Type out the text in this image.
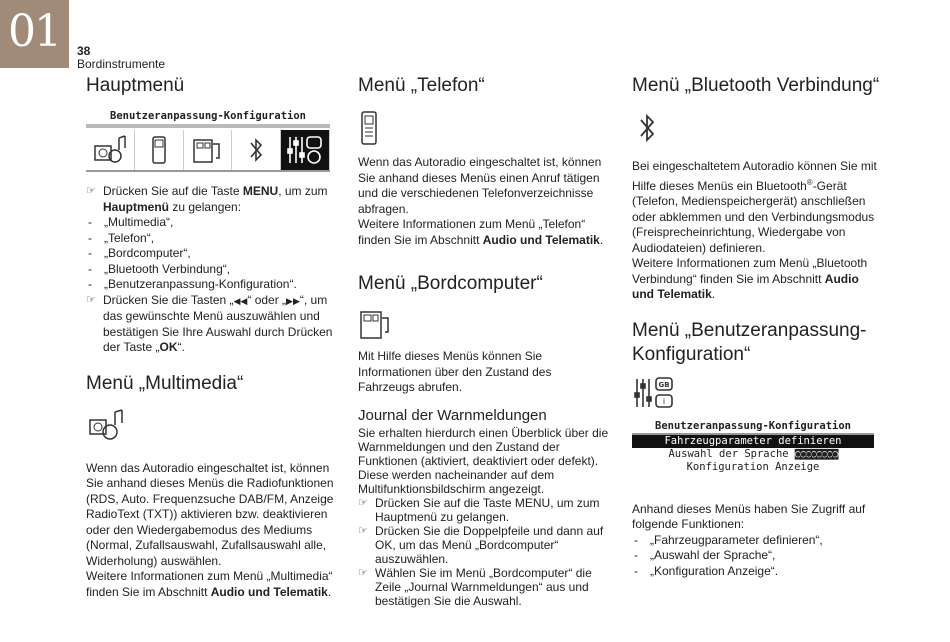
01 38
Bordinstrumente
Hauptmenü
Benutzeranpassung-Konfiguration
☞ Drücken Sie auf die Taste MENU, um zum Hauptmenü zu gelangen:
- „Multimedia“,
- „Telefon“,
- „Bordcomputer“,
- „Bluetooth Verbindung“,
- „Benutzeranpassung-Konfiguration“.
☞ Drücken Sie die Tasten „◀◀“ oder „▶▶“, um das gewünschte Menü auszuwählen und bestätigen Sie Ihre Auswahl durch Drücken der Taste „OK“.
Menü „Multimedia“

Wenn das Autoradio eingeschaltet ist, können Sie anhand dieses Menüs die Radiofunktionen (RDS, Auto. Frequenzsuche DAB/FM, Anzeige RadioText (TXT)) aktivieren bzw. deaktivieren oder den Wiedergabemodus des Mediums (Normal, Zufallsauswahl, Zufallsauswahl alle, Widerholung) auswählen.

Weitere Informationen zum Menü „Multimedia“ finden Sie im Abschnitt Audio und Telematik.

Menü „Telefon“

Wenn das Autoradio eingeschaltet ist, können Sie anhand dieses Menüs einen Anruf tätigen und die verschiedenen Telefonverzeichnisse abfragen.

Weitere Informationen zum Menü „Telefon“ finden Sie im Abschnitt Audio und Telematik.

Menü „Bordcomputer“

Mit Hilfe dieses Menüs können Sie Informationen über den Zustand des Fahrzeugs abrufen.

Journal der Warnmeldungen

Sie erhalten hierdurch einen Überblick über die Warnmeldungen und den Zustand der Funktionen (aktiviert, deaktiviert oder defekt). Diese werden nacheinander auf dem Multifunktionsbildschirm angezeigt.

☞ Drücken Sie auf die Taste MENU, um zum Hauptmenü zu gelangen.
☞ Drücken Sie die Doppelpfeile und dann auf OK, um das Menü „Bordcomputer“ auszuwählen.
☞ Wählen Sie im Menü „Bordcomputer“ die Zeile „Journal Warnmeldungen“ aus und bestätigen Sie die Auswahl.
Menü „Bluetooth Verbindung“

Bei eingeschaltetem Autoradio können Sie mit Hilfe dieses Menüs ein Bluetooth®-Gerät (Telefon, Medienspeichergerät) anschließen oder abklemmen und den Verbindungsmodus (Freisprecheinrichtung, Wiedergabe von Audiodateien) definieren.

Weitere Informationen zum Menü „Bluetooth Verbindung“ finden Sie im Abschnitt Audio und Telematik.

Menü „Benutzeranpassung-Konfiguration“
GB
i
Benutzeranpassung-Konfiguration
Fahrzeugparameter definieren
Auswahl der Sprache ◙◙◙◙◙◙◙◙
Konfiguration Anzeige

Anhand dieses Menüs haben Sie Zugriff auf folgende Funktionen:

- „Fahrzeugparameter definieren“,
- „Auswahl der Sprache“,
- „Konfiguration Anzeige“.
